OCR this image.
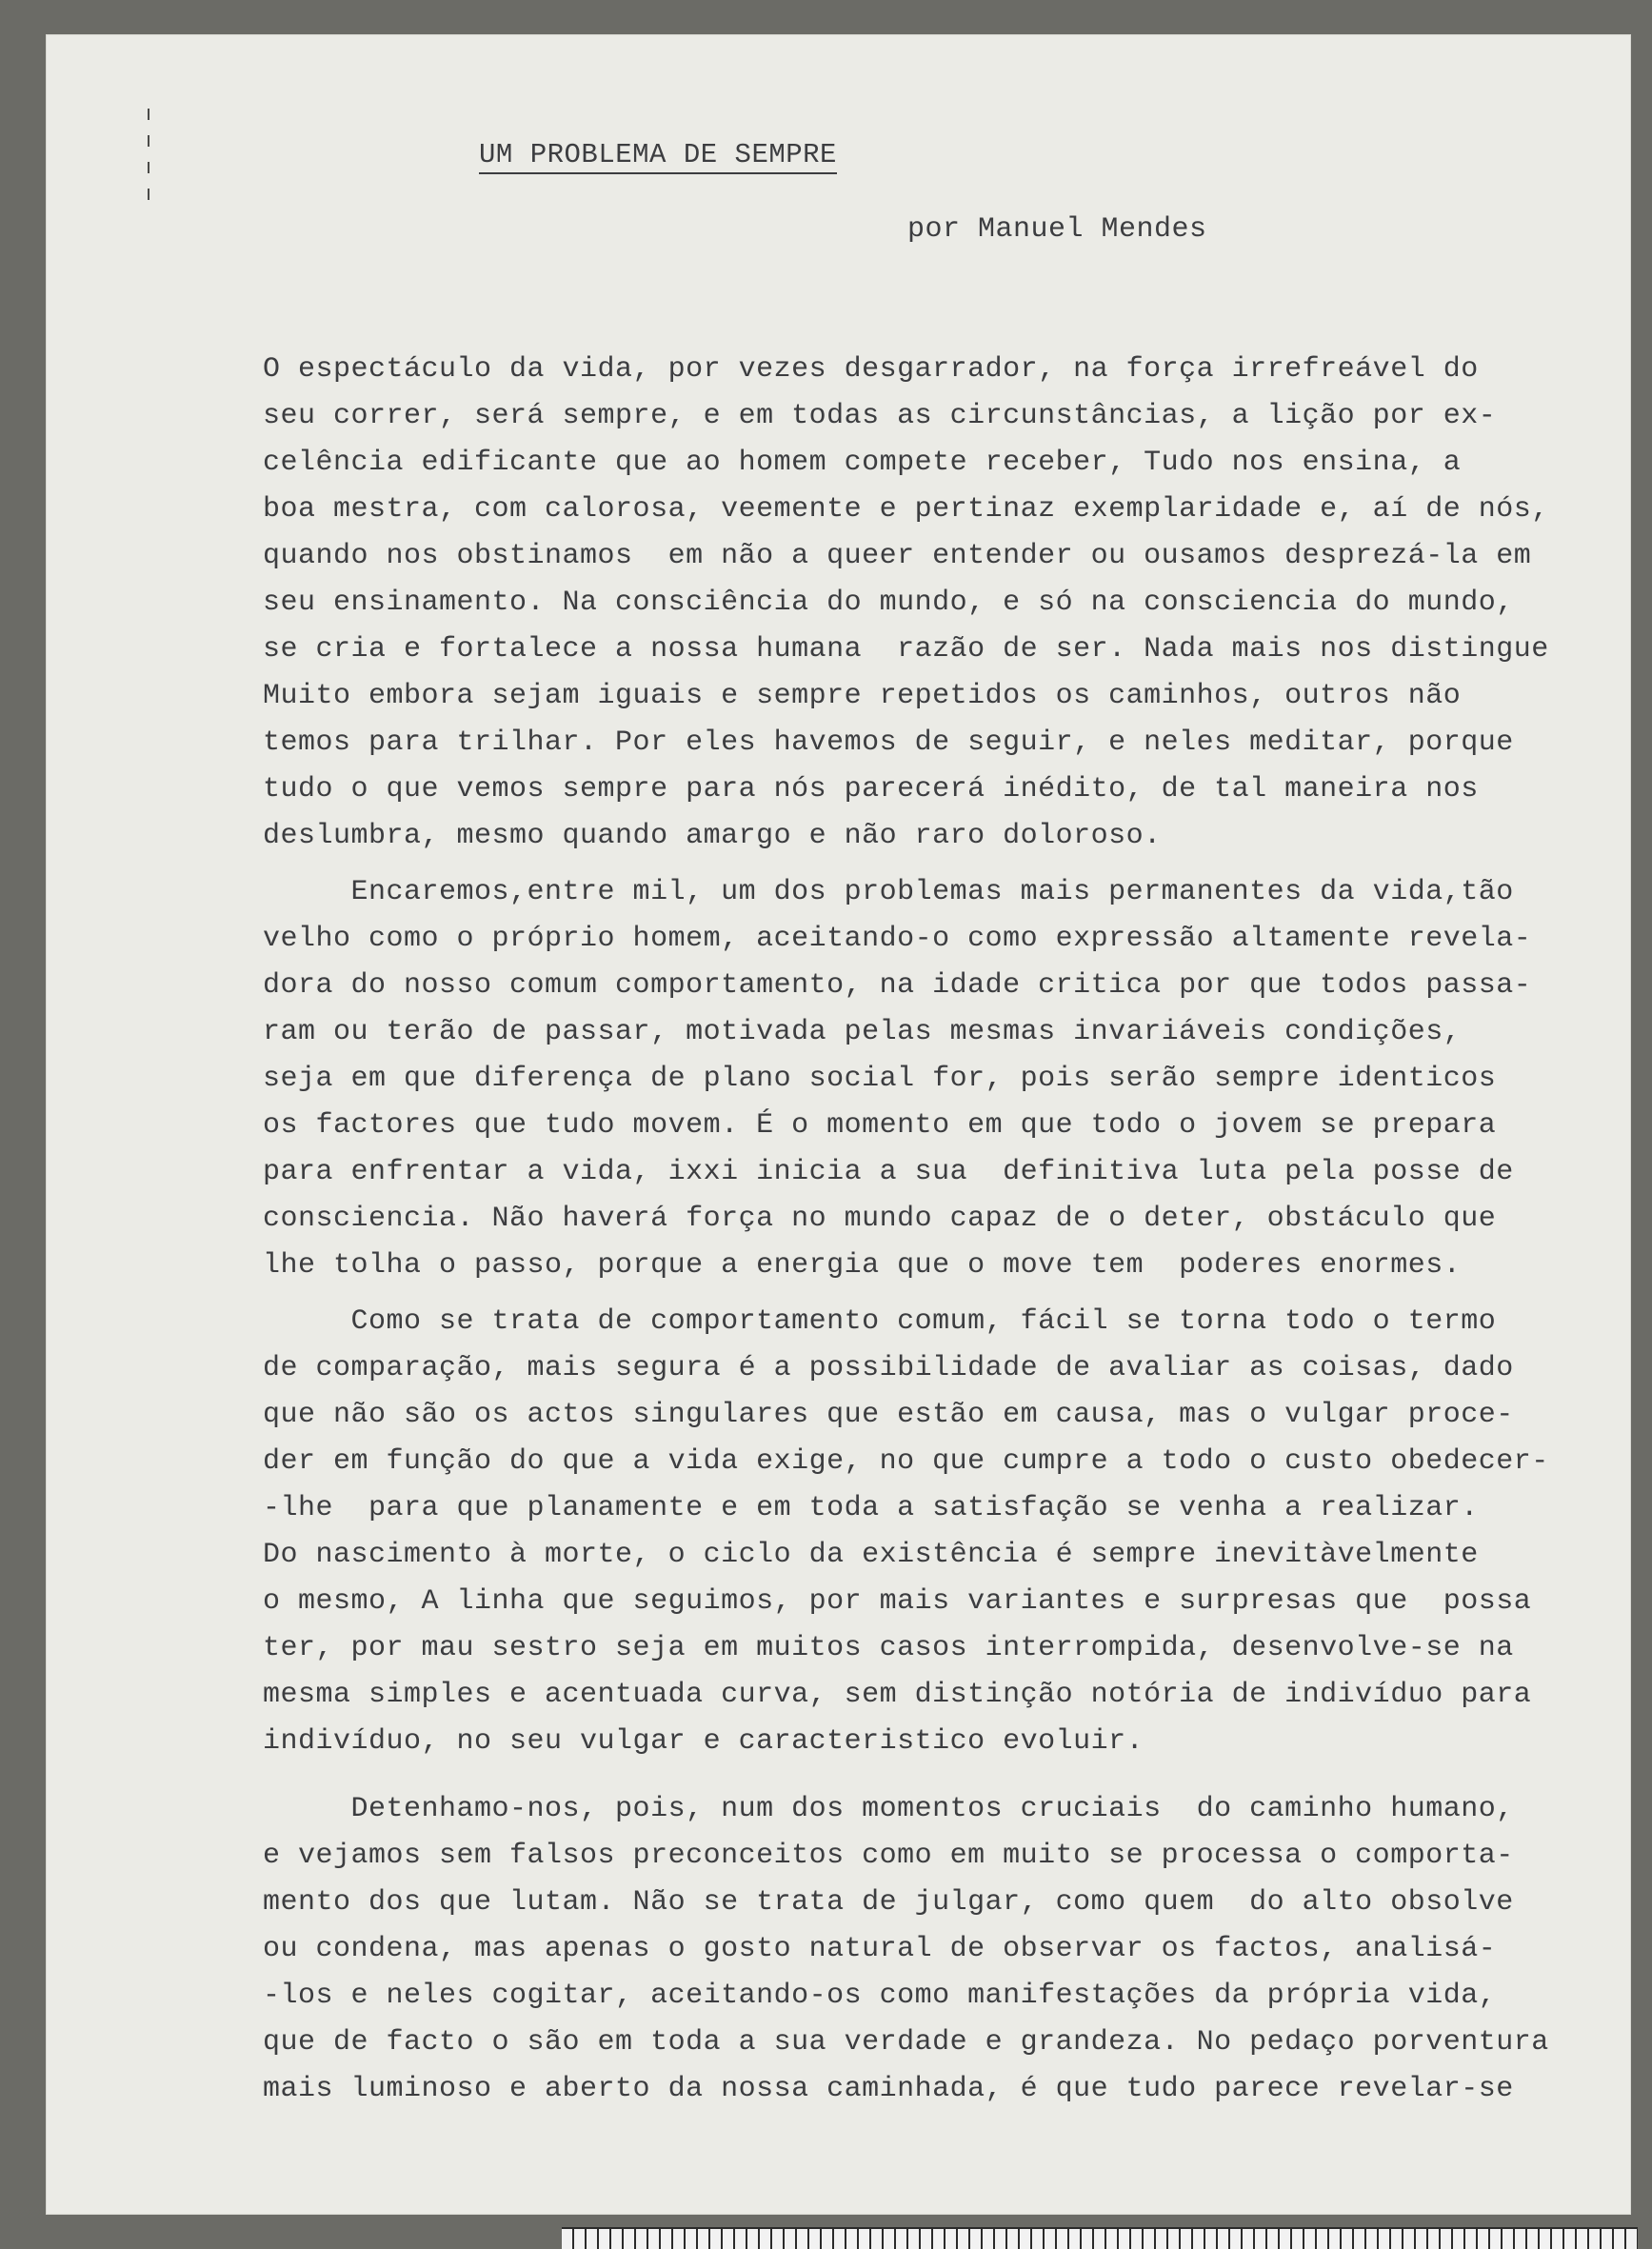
UM PROBLEMA DE SEMPRE
por Manuel Mendes

O espectáculo da vida, por vezes desgarrador, na força irrefreável do

seu correr, será sempre, e em todas as circunstâncias, a lição por ex-

celência edificante que ao homem compete receber, Tudo nos ensina, a

boa mestra, com calorosa, veemente e pertinaz exemplaridade e, aí de nós,

quando nos obstinamos  em não a queer entender ou ousamos desprezá-la em

seu ensinamento. Na consciência do mundo, e só na consciencia do mundo,

se cria e fortalece a nossa humana  razão de ser. Nada mais nos distingue

Muito embora sejam iguais e sempre repetidos os caminhos, outros não

temos para trilhar. Por eles havemos de seguir, e neles meditar, porque

tudo o que vemos sempre para nós parecerá inédito, de tal maneira nos

deslumbra, mesmo quando amargo e não raro doloroso.

Encaremos,entre mil, um dos problemas mais permanentes da vida,tão

velho como o próprio homem, aceitando-o como expressão altamente revela-

dora do nosso comum comportamento, na idade critica por que todos passa-

ram ou terão de passar, motivada pelas mesmas invariáveis condições,

seja em que diferença de plano social for, pois serão sempre identicos

os factores que tudo movem. É o momento em que todo o jovem se prepara

para enfrentar a vida, ixxi inicia a sua  definitiva luta pela posse de

consciencia. Não haverá força no mundo capaz de o deter, obstáculo que

lhe tolha o passo, porque a energia que o move tem  poderes enormes.

Como se trata de comportamento comum, fácil se torna todo o termo

de comparação, mais segura é a possibilidade de avaliar as coisas, dado

que não são os actos singulares que estão em causa, mas o vulgar proce-

der em função do que a vida exige, no que cumpre a todo o custo obedecer-

-lhe  para que planamente e em toda a satisfação se venha a realizar.

Do nascimento à morte, o ciclo da existência é sempre inevitàvelmente

o mesmo, A linha que seguimos, por mais variantes e surpresas que  possa

ter, por mau sestro seja em muitos casos interrompida, desenvolve-se na

mesma simples e acentuada curva, sem distinção notória de indivíduo para

indivíduo, no seu vulgar e caracteristico evoluir.

Detenhamo-nos, pois, num dos momentos cruciais  do caminho humano,

e vejamos sem falsos preconceitos como em muito se processa o comporta-

mento dos que lutam. Não se trata de julgar, como quem  do alto obsolve

ou condena, mas apenas o gosto natural de observar os factos, analisá-

-los e neles cogitar, aceitando-os como manifestações da própria vida,

que de facto o são em toda a sua verdade e grandeza. No pedaço porventura

mais luminoso e aberto da nossa caminhada, é que tudo parece revelar-se
